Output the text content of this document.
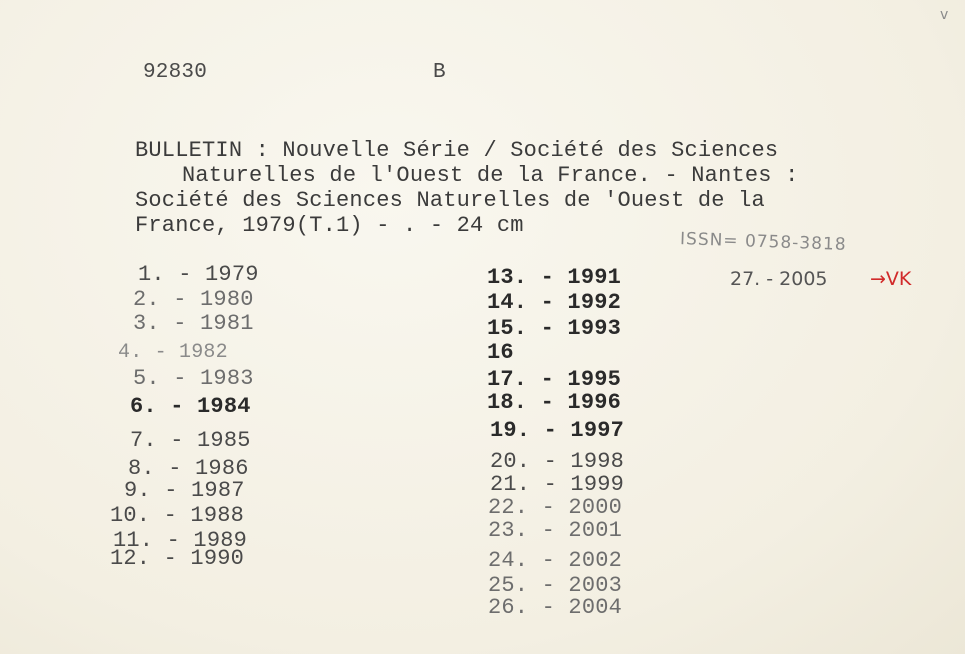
v
92830	B
BULLETIN : Nouvelle Série / Société des Sciences
Naturelles de l'Ouest de la France. - Nantes :
Société des Sciences Naturelles de 'Ouest de la
France, 1979(T.1) - . - 24 cm
ISSN= 0758-3818
27. - 2005 →VK
1. - 1979
2. - 1980
3. - 1981
4. - 1982
5. - 1983
6. - 1984
7. - 1985
8. - 1986
9. - 1987
10. - 1988
11. - 1989
12. - 1990
13. - 1991
14. - 1992
15. - 1993
16
17. - 1995
18. - 1996
19. - 1997
20. - 1998
21. - 1999
22. - 2000
23. - 2001
24. - 2002
25. - 2003
26. - 2004
